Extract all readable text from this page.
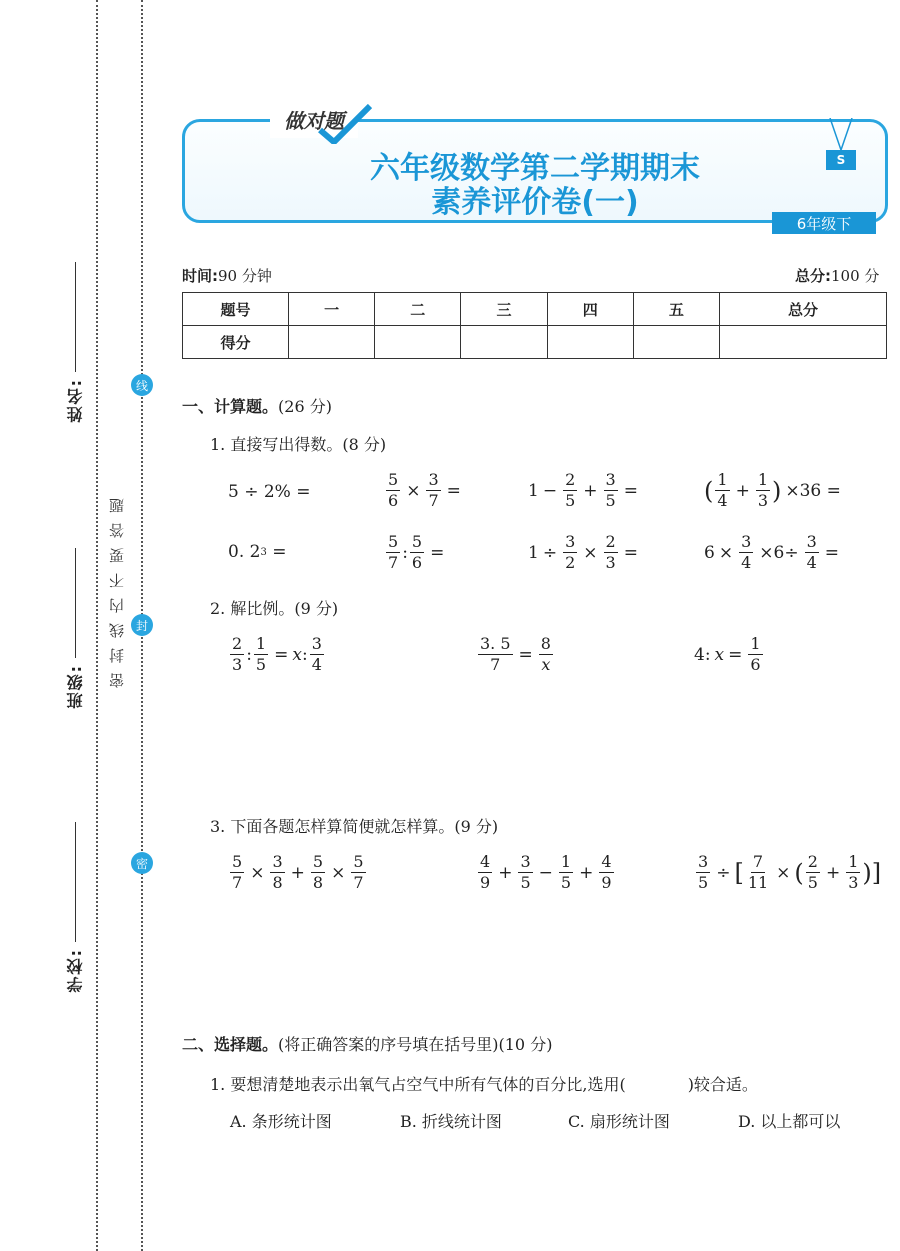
姓名:
班级:
学校:
密封线内不要答题
线
封
密
做对题
六年级数学第二学期期末
素养评价卷(一)
S
6年级下
时间:90 分钟	总分:100 分
题号	一	二	三	四	五	总分
得分						
一、计算题。(26 分)
1. 直接写出得数。(8 分)
5 ÷ 2% =	$\frac{5}{6} \times \frac{3}{7}$ =	$1 - \frac{2}{5} + \frac{3}{5}$ =	( $\frac{1}{4} + \frac{1}{3}$ ) ×36 =
0. 2 3 =	$\frac{5}{7}$ : $\frac{5}{6}$ =	$1 \div \frac{3}{2} \times \frac{2}{3}$ =	$6 \times \frac{3}{4} \times 6\div \frac{3}{4}$ =
2. 解比例。(9 分)
$\frac{2}{3}$ : $\frac{1}{5} = x$ : $\frac{3}{4}$	$\frac{3. 5}{7} = \frac{8}{x}$	4: $x = \frac{1}{6}$
3. 下面各题怎样算简便就怎样算。(9 分)
$\frac{5}{7} \times \frac{3}{8} + \frac{5}{8} \times \frac{5}{7}$	$\frac{4}{9} + \frac{3}{5} - \frac{1}{5} + \frac{4}{9}$	$\frac{3}{5}$ ÷ [ $\frac{7}{11}$ × ( $\frac{2}{5} + \frac{1}{3}$ )]
二、选择题。(将正确答案的序号填在括号里)(10 分)
1. 要想清楚地表示出氧气占空气中所有气体的百分比,选用(	)较合适。
A. 条形统计图	B. 折线统计图	C. 扇形统计图	D. 以上都可以
